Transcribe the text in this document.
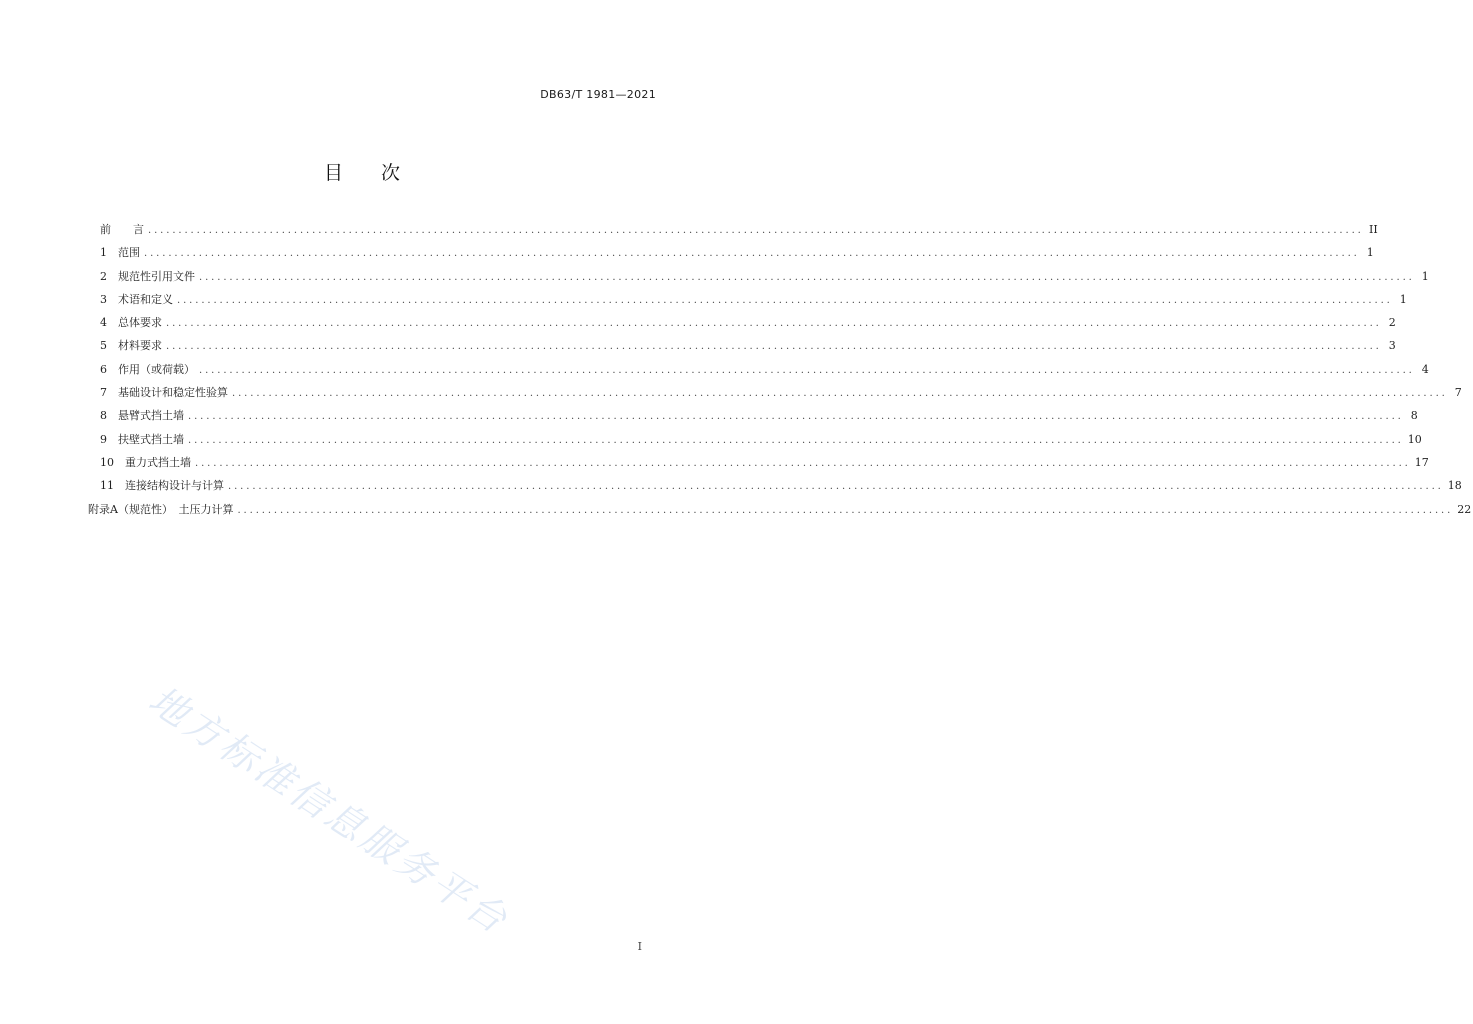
DB63/T 1981—2021
目　　次
前　　言 ........................................................................................................................................................................................................ II
1　范围 ........................................................................................................................................................................................................ 1
2　规范性引用文件 ........................................................................................................................................................................................................ 1
3　术语和定义 ........................................................................................................................................................................................................ 1
4　总体要求 ........................................................................................................................................................................................................ 2
5　材料要求 ........................................................................................................................................................................................................ 3
6　作用（或荷载） ........................................................................................................................................................................................................ 4
7　基础设计和稳定性验算 ........................................................................................................................................................................................................ 7
8　悬臂式挡土墙 ........................................................................................................................................................................................................ 8
9　扶壁式挡土墙 ........................................................................................................................................................................................................ 10
10　重力式挡土墙 ........................................................................................................................................................................................................ 17
11　连接结构设计与计算 ........................................................................................................................................................................................................ 18
附录A（规范性）　土压力计算 ........................................................................................................................................................................................................ 22
地方标准信息服务平台
I
